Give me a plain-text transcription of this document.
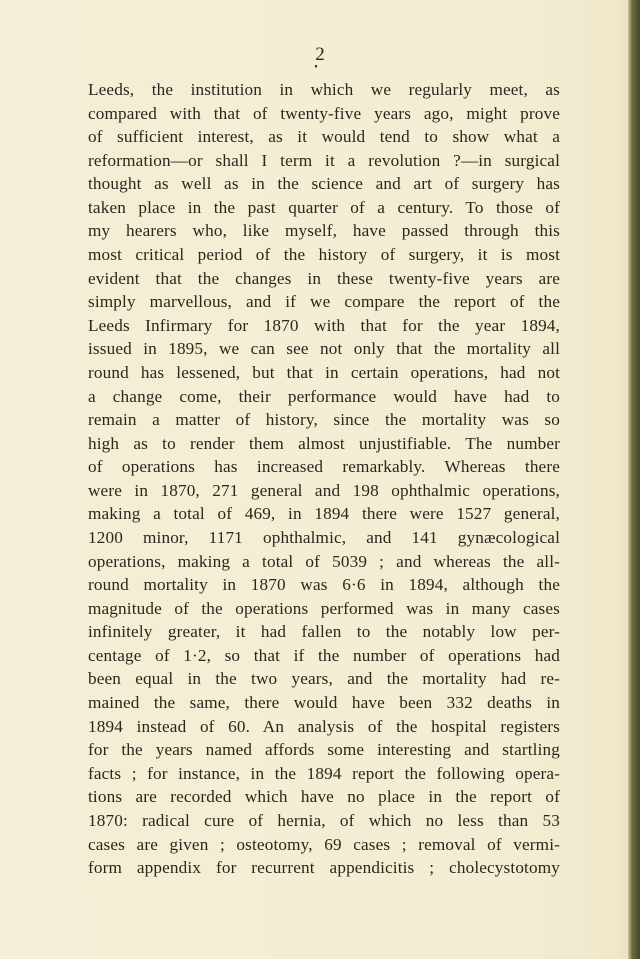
2
•
Leeds, the institution in which we regularly meet, as
compared with that of twenty-five years ago, might prove
of sufficient interest, as it would tend to show what a
reformation—or shall I term it a revolution ?—in surgical
thought as well as in the science and art of surgery has
taken place in the past quarter of a century. To those of
my hearers who, like myself, have passed through this
most critical period of the history of surgery, it is most
evident that the changes in these twenty-five years are
simply marvellous, and if we compare the report of the
Leeds Infirmary for 1870 with that for the year 1894,
issued in 1895, we can see not only that the mortality all
round has lessened, but that in certain operations, had not
a change come, their performance would have had to
remain a matter of history, since the mortality was so
high as to render them almost unjustifiable. The number
of operations has increased remarkably. Whereas there
were in 1870, 271 general and 198 ophthalmic operations,
making a total of 469, in 1894 there were 1527 general,
1200 minor, 1171 ophthalmic, and 141 gynæcological
operations, making a total of 5039 ; and whereas the all-
round mortality in 1870 was 6·6 in 1894, although the
magnitude of the operations performed was in many cases
infinitely greater, it had fallen to the notably low per-
centage of 1·2, so that if the number of operations had
been equal in the two years, and the mortality had re-
mained the same, there would have been 332 deaths in
1894 instead of 60. An analysis of the hospital registers
for the years named affords some interesting and startling
facts ; for instance, in the 1894 report the following opera-
tions are recorded which have no place in the report of
1870: radical cure of hernia, of which no less than 53
cases are given ; osteotomy, 69 cases ; removal of vermi-
form appendix for recurrent appendicitis ; cholecystotomy
